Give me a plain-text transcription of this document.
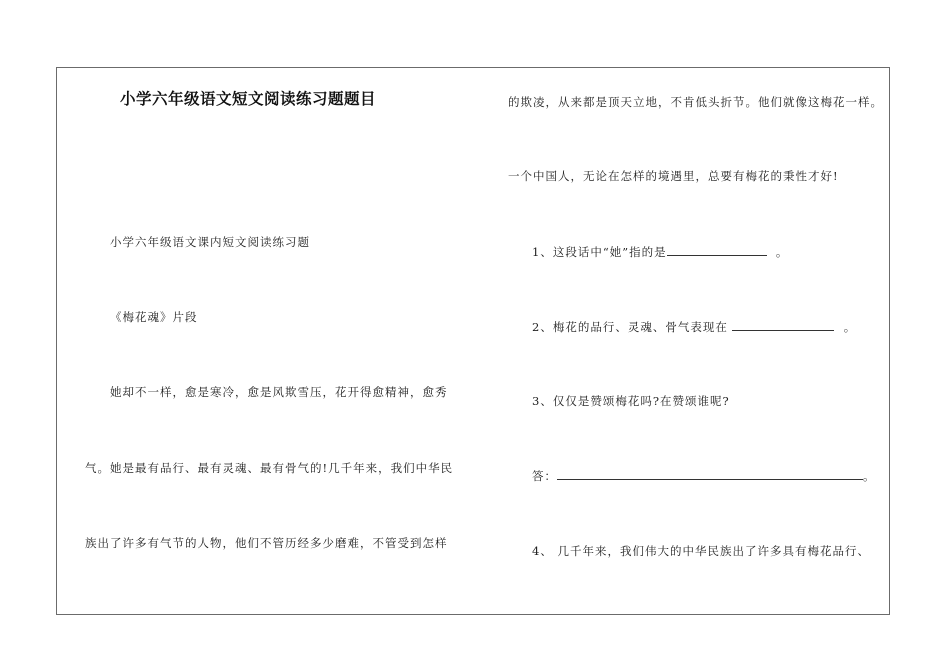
小学六年级语文短文阅读练习题题目
小学六年级语文课内短文阅读练习题
《梅花魂》片段
她却不一样，愈是寒冷，愈是风欺雪压，花开得愈精神，愈秀
气。她是最有品行、最有灵魂、最有骨气的!几千年来，我们中华民
族出了许多有气节的人物，他们不管历经多少磨难，不管受到怎样
的欺凌，从来都是顶天立地，不肯低头折节。他们就像这梅花一样。
一个中国人，无论在怎样的境遇里，总要有梅花的秉性才好!
1、这段话中“她”指的是	。
2、梅花的品行、灵魂、骨气表现在	。
3、仅仅是赞颂梅花吗?在赞颂谁呢?
答：	。
4、 几千年来，我们伟大的中华民族出了许多具有梅花品行、
